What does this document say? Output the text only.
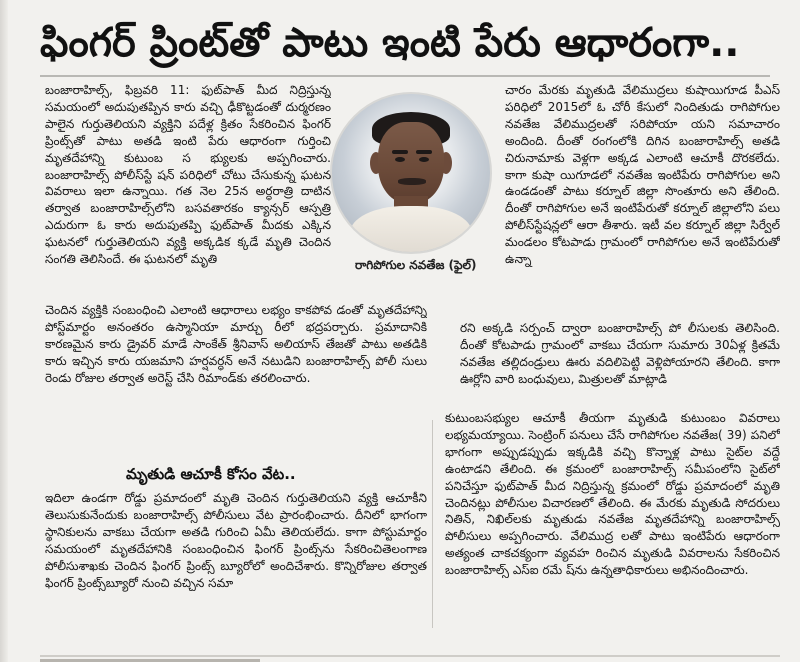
ఫింగర్ ప్రింట్‌తో పాటు ఇంటి పేరు ఆధారంగా..
రాగిపోగుల నవతేజ (ఫైల్)

బంజారాహిల్స్, ఫిబ్రవరి 11: ఫుట్‌పాత్ మీద నిద్రిస్తున్న సమయంలో అదుపుతప్పిన కారు వచ్చి ఢీకొట్టడంతో దుర్మరణం పాలైన గుర్తుతెలియని వ్యక్తిని పదేళ్ల క్రితం సేకరించిన ఫింగర్ ప్రింట్స్‌తో పాటు అతడి ఇంటి పేరు ఆధారంగా గుర్తించి మృతదేహాన్ని కుటుంబ స భ్యులకు అప్పగించారు. బంజారాహిల్స్ పోలీస్‌స్టే షన్ పరిధిలో చోటు చేసుకున్న ఘటన వివరాలు ఇలా ఉన్నాయి. గత నెల 25న అర్ధరాత్రి దాటిన తర్వాత బంజారాహిల్స్‌లోని బసవతారకం క్యాన్సర్ ఆస్పత్రి ఎదురుగా ఓ కారు అదుపుతప్పి ఫుట్‌పాత్ మీదకు ఎక్కిన ఘటనలో గుర్తుతెలియని వ్యక్తి అక్కడిక క్కడే మృతి చెందిన సంగతి తెలిసిందే. ఈ ఘటనలో మృతి

చెందిన వ్యక్తికి సంబంధించి ఎలాంటి ఆధారాలు లభ్యం కాకపోవ డంతో మృతదేహాన్ని పోస్ట్‌మార్టం అనంతరం ఉస్మానియా మార్చు రీలో భద్రపర్చారు. ప్రమాదానికి కారణమైన కారు డ్రైవర్ మాడే సాంకేత్ శ్రీనివాస్ అలియాస్ తేజతో పాటు అతడికి కారు ఇచ్చిన కారు యజమాని హర్షవర్ధన్ అనే నటుడిని బంజారాహిల్స్ పోలీ సులు రెండు రోజుల తర్వాత అరెస్ట్ చేసి రిమాండ్‌కు తరలించారు.

మృతుడి ఆచూకీ కోసం వేట..

ఇదిలా ఉండగా రోడ్డు ప్రమాదంలో మృతి చెందిన గుర్తుతెలియని వ్యక్తి ఆచూకీని తెలుసుకునేందుకు బంజారాహిల్స్ పోలీసులు వేట ప్రారంభించారు. దీనిలో భాగంగా స్థానికులను వాకబు చేయగా అతడి గురించి ఏమీ తెలియలేదు. కాగా పోస్టుమార్టం సమయంలో మృతదేహానికి సంబంధించిన ఫింగర్ ప్రింట్స్‌ను సేకరించితెలంగాణ పోలీసుశాఖకు చెందిన ఫింగర్ ప్రింట్స్ బ్యూరోలో అందిచేశారు. కొన్నిరోజుల తర్వాత ఫింగర్ ప్రింట్స్‌బ్యూరో నుంచి వచ్చిన సమా

చారం మేరకు మృతుడి వేలిముద్రలు కుషాయిగూడ పీఎస్ పరిధిలో 2015లో ఓ చోరీ కేసులో నిందితుడు రాగిపోగుల నవతేజ వేలిముద్రలతో సరిపోయా యని సమాచారం అందింది. దీంతో రంగంలోకి దిగిన బంజారాహిల్స్ అతడి చిరునామాకు వెళ్లగా అక్కడ ఎలాంటి ఆచూకీ దొరకలేదు. కాగా కుషా యిగూడలో నవతేజ ఇంటిపేరు రాగిపోగుల అని ఉండడంతో పాటు కర్నూల్ జిల్లా సొంతూరు అని తేలింది. దీంతో రాగిపోగుల అనే ఇంటిపేరుతో కర్నూల్ జిల్లాలోని పలు పోలీస్‌స్టేషన్లలో ఆరా తీశారు. ఇటీ వల కర్నూల్ జిల్లా సిర్వేల్ మండలం కోటపాడు గ్రామంలో రాగిపోగుల అనే ఇంటిపేరుతో ఉన్నా

రని అక్కడి సర్పంచ్ ద్వారా బంజారాహిల్స్ పో లీసులకు తెలిసింది. దీంతో కోటపాడు గ్రామంలో వాకబు చేయగా సుమారు 30ఏళ్ల క్రితమే నవతేజ తల్లిదండ్రులు ఊరు వదిలిపెట్టి వెళ్లిపోయారని తేలింది. కాగా ఊర్లోని వారి బంధువులు, మిత్రులతో మాట్లాడి

కుటుంబసభ్యుల ఆచూకీ తీయగా మృతుడి కుటుంబం వివరాలు లభ్యమయ్యాయి. సెంట్రింగ్ పనులు చేసే రాగిపోగుల నవతేజ( 39) పనిలో భాగంగా అప్పుడప్పుడు ఇక్కడికి వచ్చి కొన్నాళ్ల పాటు సైట్‌ల వద్దే ఉంటాడని తేలింది. ఈ క్రమంలో బంజారాహిల్స్ సమీపంలోని సైట్‌లో పనిచేస్తూ ఫుట్‌పాత్ మీద నిద్రిస్తున్న క్రమంలో రోడ్డు ప్రమాదంలో మృతి చెందినట్లు పోలీసుల విచారణలో తేలింది. ఈ మేరకు మృతుడి సోదరులు నితిన్, నిఖిల్‌లకు మృతుడు నవతేజ మృతదేహాన్ని బంజారాహిల్స్ పోలీసులు అప్పగించారు. వేలిముద్ర లతో పాటు ఇంటిపేరు ఆధారంగా అత్యంత చాకచక్యంగా వ్యవహ రించిన మృతుడి వివరాలను సేకరించిన బంజారాహిల్స్ ఎస్‌ఐ రమే ష్‌ను ఉన్నతాధికారులు అభినందించారు.
